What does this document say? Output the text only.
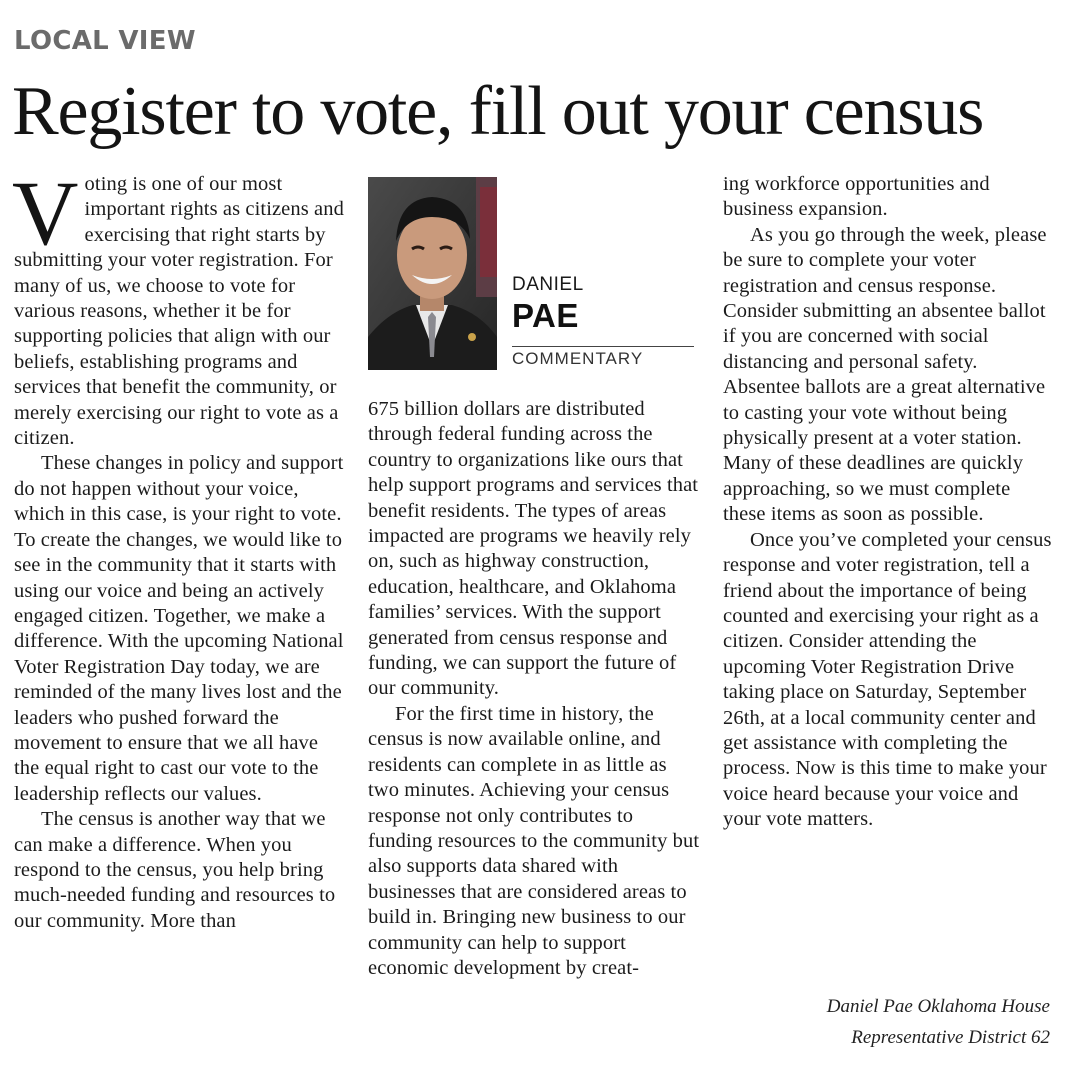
LOCAL VIEW
Register to vote, fill out your census

Voting is one of our most important rights as citizens and exercising that right starts by submitting your voter registration. For many of us, we choose to vote for various reasons, whether it be for supporting policies that align with our beliefs, establishing programs and services that benefit the community, or merely exercising our right to vote as a citizen.

These changes in policy and support do not happen without your voice, which in this case, is your right to vote. To create the changes, we would like to see in the community that it starts with using our voice and being an actively engaged citizen. Together, we make a difference. With the upcoming National Voter Registration Day today, we are reminded of the many lives lost and the leaders who pushed forward the movement to ensure that we all have the equal right to cast our vote to the leadership reflects our values.

The census is another way that we can make a difference. When you respond to the census, you help bring much-needed funding and resources to our community. More than

DANIEL
PAE
COMMENTARY

675 billion dollars are distributed through federal funding across the country to organizations like ours that help support programs and services that benefit residents. The types of areas impacted are programs we heavily rely on, such as highway construction, education, healthcare, and Oklahoma families’ services. With the support generated from census response and funding, we can support the future of our community.

For the first time in history, the census is now available online, and residents can complete in as little as two minutes. Achieving your census response not only contributes to funding resources to the community but also supports data shared with businesses that are considered areas to build in. Bringing new business to our community can help to support economic development by creat-

ing workforce opportunities and business expansion.

As you go through the week, please be sure to complete your voter registration and census response. Consider submitting an absentee ballot if you are concerned with social distancing and personal safety. Absentee ballots are a great alternative to casting your vote without being physically present at a voter station. Many of these deadlines are quickly approaching, so we must complete these items as soon as possible.

Once you’ve completed your census response and voter registration, tell a friend about the importance of being counted and exercising your right as a citizen. Consider attending the upcoming Voter Registration Drive taking place on Saturday, September 26th, at a local community center and get assistance with completing the process. Now is this time to make your voice heard because your voice and your vote matters.

Daniel Pae Oklahoma House
Representative District 62
